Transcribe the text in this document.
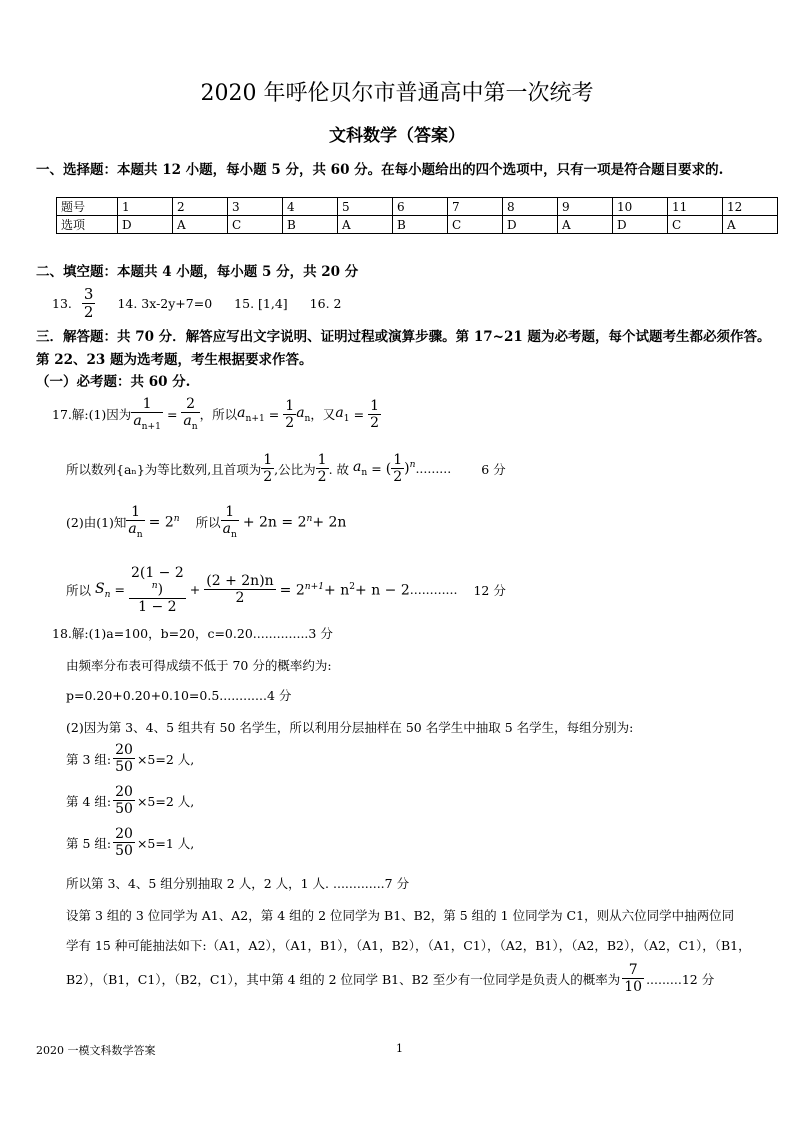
2020 年呼伦贝尔市普通高中第一次统考
文科数学（答案）
一、选择题：本题共 12 小题，每小题 5 分，共 60 分。在每小题给出的四个选项中，只有一项是符合题目要求的.
题号	1	2	3	4	5	6	7	8	9	10	11	12
选项	D	A	C	B	A	B	C	D	A	D	C	A
二、填空题：本题共 4 小题，每小题 5 分，共 20 分
13. $\frac{3}{2} 14$. 3x-2y+7=0 15. [1,4] 16. 2
三．解答题：共 70 分．解答应写出文字说明、证明过程或演算步骤。第 17~21 题为必考题，每个试题考生都必须作答。
第 22、23 题为选考题，考生根据要求作答。
（一）必考题：共 60 分.
17.解:(1)因为 $\frac{1}{a_{n+1}} = \frac{2}{a_n}$ ，所以 $a_{n+1} = \frac{1}{2} a_n$ ，又 $a_1 = \frac{1}{2}$
所以数列{aₙ}为等比数列,且首项为 $\frac{1}{2}$ ,公比为 $\frac{1}{2}$ . 故 $a_n$ = ( $\frac{1}{2} )^n$ ......... 6 分
(2)由(1)知 $\frac{1}{a_n} = 2^n$ 所以 $\frac{1}{a_n} + 2n = 2^n+ 2n$
所以 $S_n = 2(1 - 2$
$^n$)
$1 - 2 + \frac{(2 + 2n)n}{2} = 2^{n+1}+ n^2+ n - 2$ ............ 12 分
18.解:(1)a=100，b=20，c=0.20..............3 分
由频率分布表可得成绩不低于 70 分的概率约为:
p=0.20+0.20+0.10=0.5............4 分
(2)因为第 3、4、5 组共有 50 名学生，所以利用分层抽样在 50 名学生中抽取 5 名学生，每组分别为:
第 3 组: $\frac{20}{50} \times 5=2$ 人,
第 4 组: $\frac{20}{50} \times 5=2$ 人,
第 5 组: $\frac{20}{50} \times 5=1$ 人,
所以第 3、4、5 组分别抽取 2 人，2 人，1 人. .............7 分
设第 3 组的 3 位同学为 A1、A2，第 4 组的 2 位同学为 B1、B2，第 5 组的 1 位同学为 C1，则从六位同学中抽两位同
学有 15 种可能抽法如下:（A1，A2），（A1，B1），（A1，B2），（A1，C1），（A2，B1），（A2，B2），（A2，C1），（B1，
B2），（B1，C1），（B2，C1），其中第 4 组的 2 位同学 B1、B2 至少有一位同学是负责人的概率为 $\frac{7}{10} .........12$ 分
2020 一模文科数学答案	1
